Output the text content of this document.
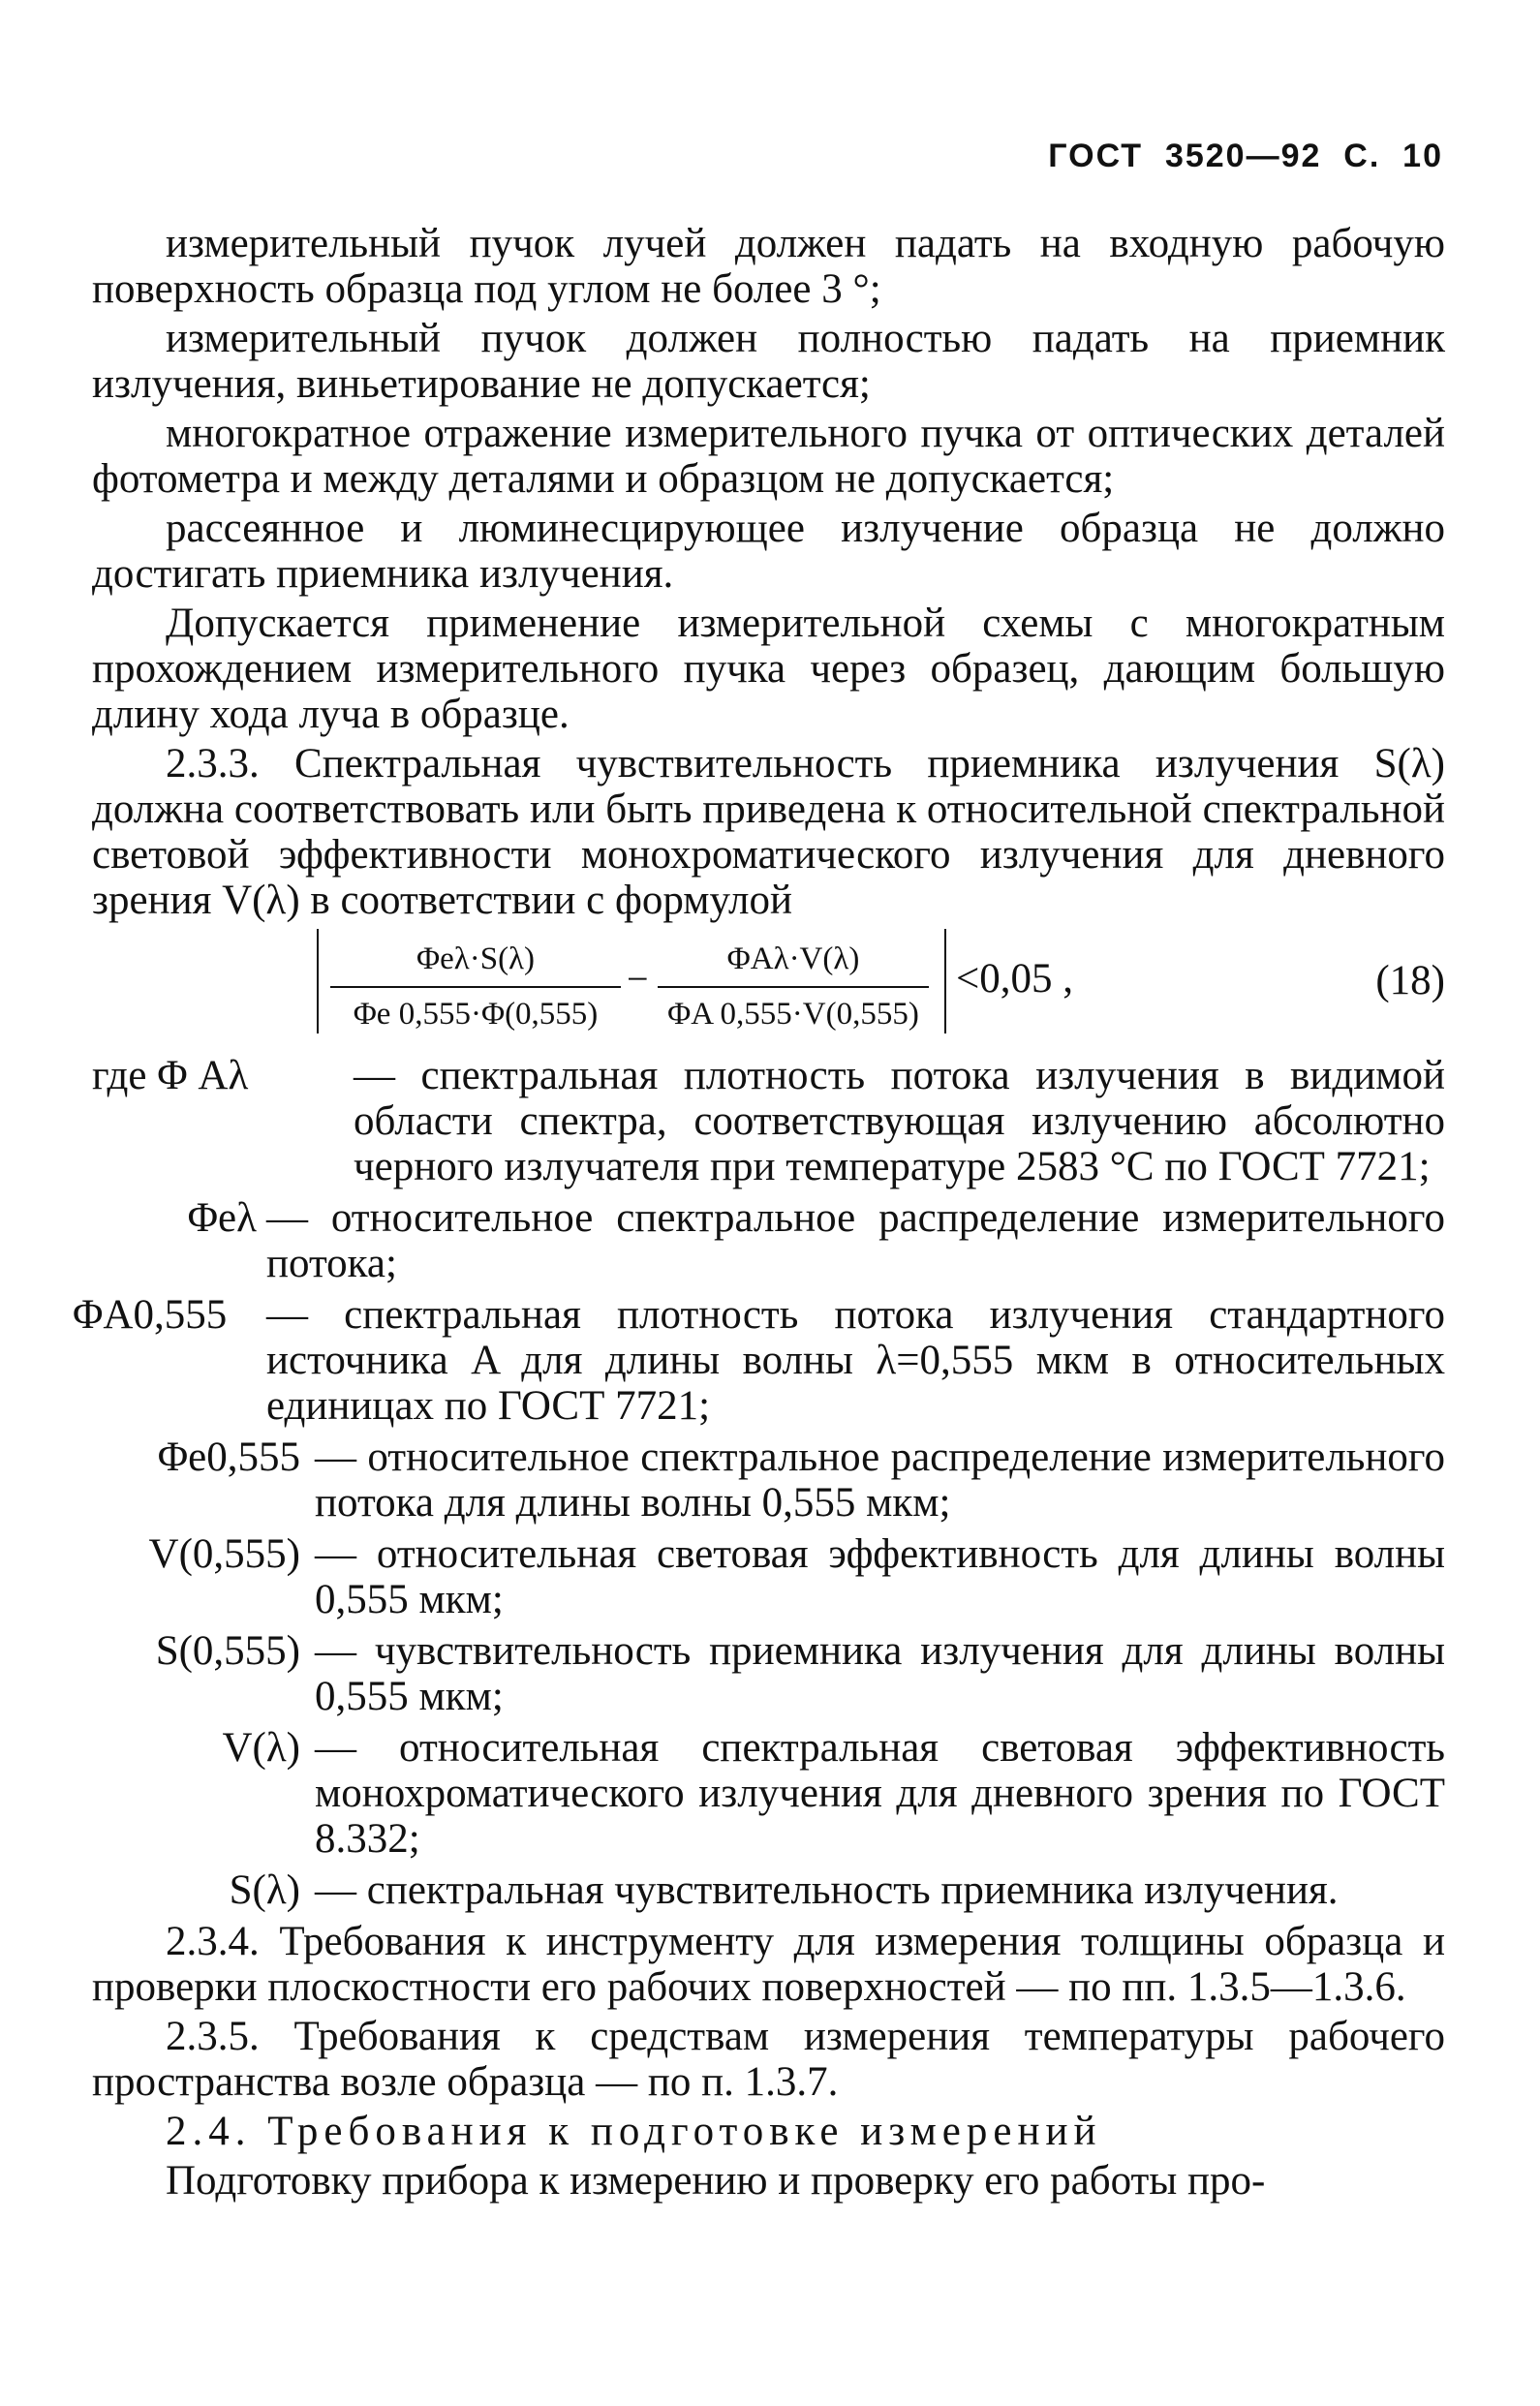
ГОСТ  3520—92  С.  10

измерительный пучок лучей должен падать на входную рабочую поверхность образца под углом не более 3 °;

измерительный пучок должен полностью падать на приемник излучения, виньетирование не допускается;

многократное отражение измерительного пучка от оптических деталей фотометра и между деталями и образцом не допускается;

рассеянное и люминесцирующее излучение образца не должно достигать приемника излучения.

Допускается применение измерительной схемы с многократным прохождением измерительного пучка через образец, дающим большую длину хода луча в образце.

2.3.3. Спектральная чувствительность приемника излучения S(λ) должна соответствовать или быть приведена к относительной спектральной световой эффективности монохроматического излучения для дневного зрения V(λ) в соответствии с формулой

Φeλ·S(λ)
Φe 0,555·Φ(0,555)
−	ΦAλ·V(λ)
ΦA 0,555·V(0,555)
<0,05 ,	(18)
где Φ Aλ	— спектральная плотность потока излучения в видимой области спектра, соответствующая излучению абсолютно черного излучателя при температуре 2583 °С по ГОСТ 7721;
Φeλ — относительное спектральное распределение измерительного потока;
ΦA0,555 — спектральная плотность потока излучения стандартного источника A для длины волны λ=0,555 мкм в относительных единицах по ГОСТ 7721;
Φe0,555 — относительное спектральное распределение измерительного потока для длины волны 0,555 мкм;
V(0,555) — относительная световая эффективность для длины волны 0,555 мкм;
S(0,555) — чувствительность приемника излучения для длины волны 0,555 мкм;
V(λ) — относительная спектральная световая эффективность монохроматического излучения для дневного зрения по ГОСТ 8.332;
S(λ) — спектральная чувствительность приемника излучения.

2.3.4. Требования к инструменту для измерения толщины образца и проверки плоскостности его рабочих поверхностей — по пп. 1.3.5—1.3.6.

2.3.5. Требования к средствам измерения температуры рабочего пространства возле образца — по п. 1.3.7.

2.4. Требования к подготовке измерений

Подготовку прибора к измерению и проверку его работы про-
